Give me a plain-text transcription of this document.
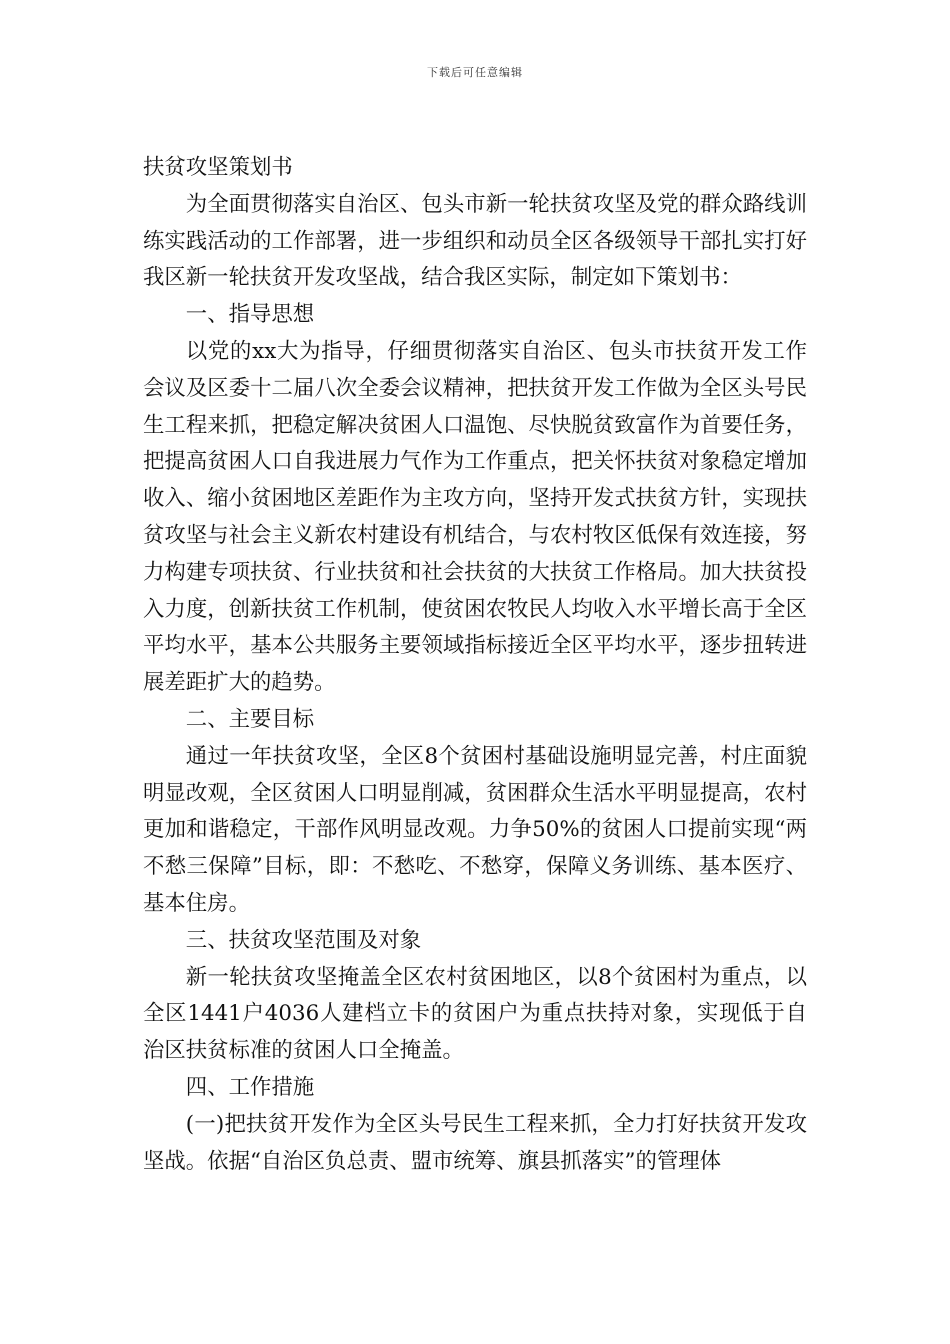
下载后可任意编辑

扶贫攻坚策划书

为全面贯彻落实自治区、包头市新一轮扶贫攻坚及党的群众路线训练实践活动的工作部署，进一步组织和动员全区各级领导干部扎实打好我区新一轮扶贫开发攻坚战，结合我区实际，制定如下策划书：

一、指导思想

以党的xx大为指导，仔细贯彻落实自治区、包头市扶贫开发工作会议及区委十二届八次全委会议精神，把扶贫开发工作做为全区头号民生工程来抓，把稳定解决贫困人口温饱、尽快脱贫致富作为首要任务，把提高贫困人口自我进展力气作为工作重点，把关怀扶贫对象稳定增加收入、缩小贫困地区差距作为主攻方向，坚持开发式扶贫方针，实现扶贫攻坚与社会主义新农村建设有机结合，与农村牧区低保有效连接，努力构建专项扶贫、行业扶贫和社会扶贫的大扶贫工作格局。加大扶贫投入力度，创新扶贫工作机制，使贫困农牧民人均收入水平增长高于全区平均水平，基本公共服务主要领域指标接近全区平均水平，逐步扭转进展差距扩大的趋势。

二、主要目标

通过一年扶贫攻坚，全区8个贫困村基础设施明显完善，村庄面貌明显改观，全区贫困人口明显削减，贫困群众生活水平明显提高，农村更加和谐稳定，干部作风明显改观。力争50%的贫困人口提前实现“两不愁三保障”目标，即：不愁吃、不愁穿，保障义务训练、基本医疗、基本住房。

三、扶贫攻坚范围及对象

新一轮扶贫攻坚掩盖全区农村贫困地区，以8个贫困村为重点，以全区1441户4036人建档立卡的贫困户为重点扶持对象，实现低于自治区扶贫标准的贫困人口全掩盖。

四、工作措施

(一)把扶贫开发作为全区头号民生工程来抓，全力打好扶贫开发攻坚战。依据“自治区负总责、盟市统筹、旗县抓落实”的管理体
